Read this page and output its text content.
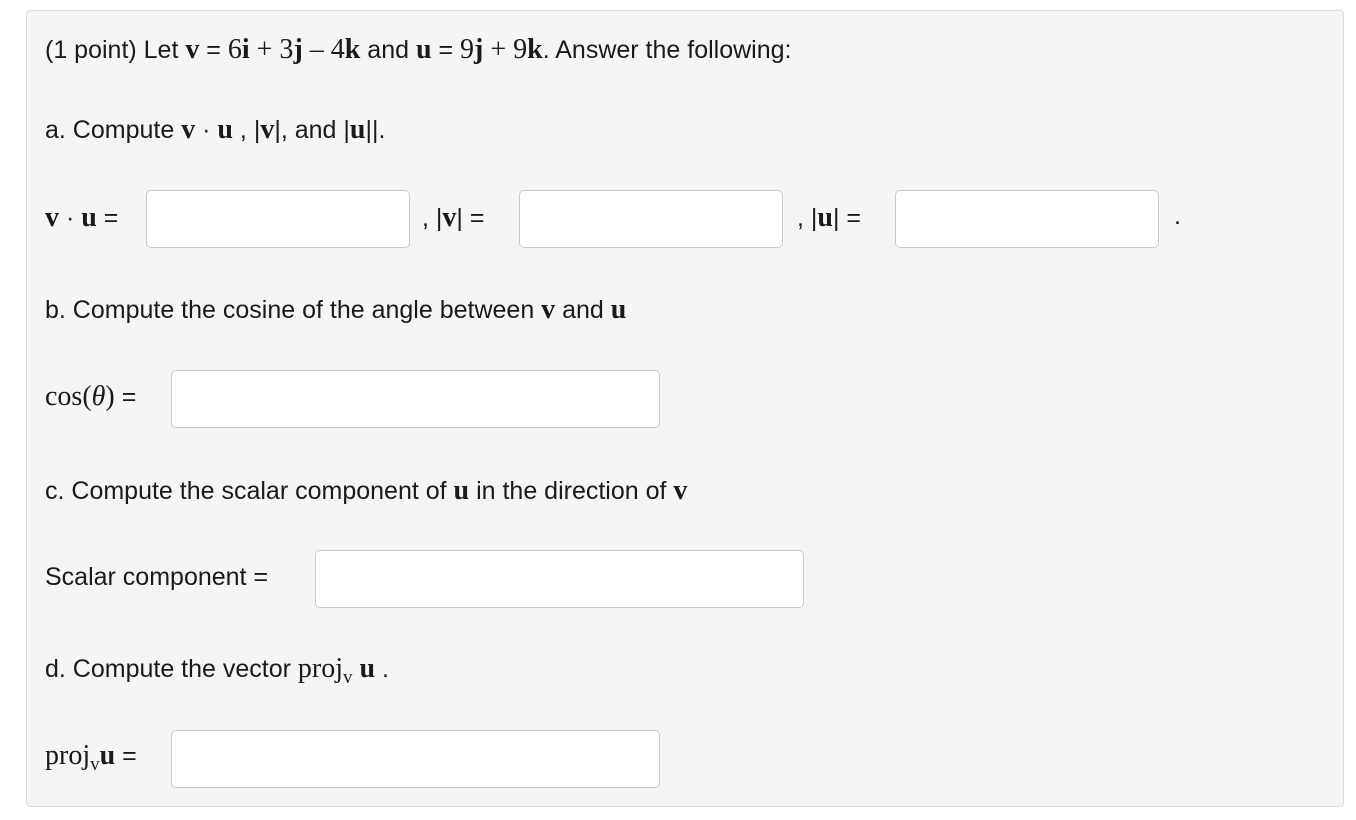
(1 point) Let v = 6i + 3j – 4k and u = 9j + 9k. Answer the following:
a. Compute v · u , |v|, and |u||.
v · u =	, |v| =	, |u| =	.
b. Compute the cosine of the angle between v and u
cos(θ) =
c. Compute the scalar component of u in the direction of v
Scalar component =
d. Compute the vector proj$_v$ u .
proj$_v$u =
